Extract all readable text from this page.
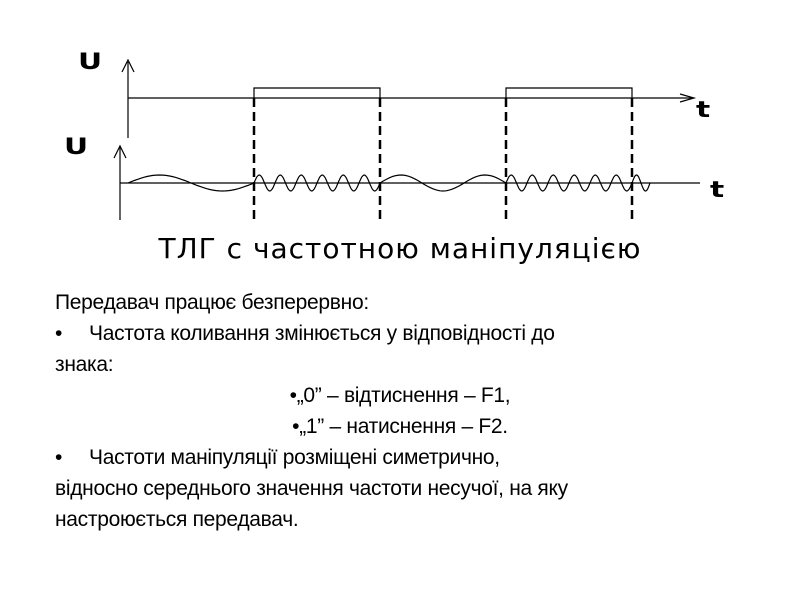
U
t
U
t
ТЛГ с частотною маніпуляцією
Передавач працює безперервно:
• Частота коливання змінюється у відповідності до
знака:
•„0” – відтиснення – F1,
•„1” – натиснення – F2.
• Частоти маніпуляції розміщені симетрично,
відносно середнього значення частоти несучої, на яку
настроюється передавач.
